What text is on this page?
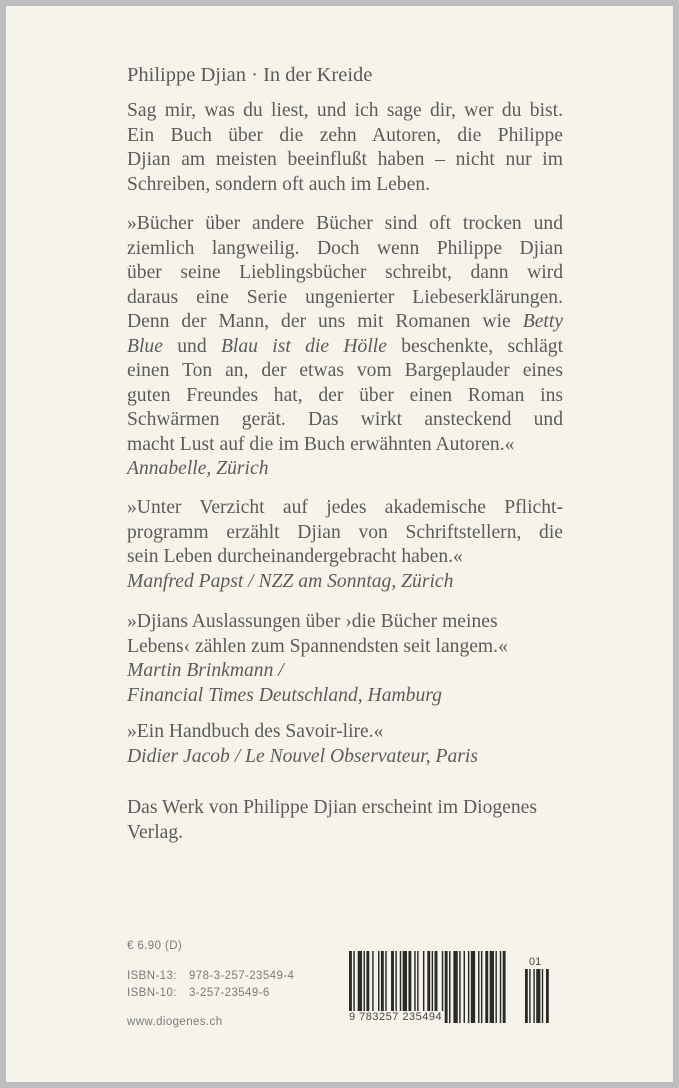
Philippe Djian · In der Kreide
Sag mir, was du liest, und ich sage dir, wer du bist.
Ein Buch über die zehn Autoren, die Philippe
Djian am meisten beeinflußt haben – nicht nur im
Schreiben, sondern oft auch im Leben.
»Bücher über andere Bücher sind oft trocken und
ziemlich langweilig. Doch wenn Philippe Djian
über seine Lieblingsbücher schreibt, dann wird
daraus eine Serie ungenierter Liebeserklärungen.
Denn der Mann, der uns mit Romanen wie Betty
Blue und Blau ist die Hölle beschenkte, schlägt
einen Ton an, der etwas vom Bargeplauder eines
guten Freundes hat, der über einen Roman ins
Schwärmen gerät. Das wirkt ansteckend und
macht Lust auf die im Buch erwähnten Autoren.«
Annabelle, Zürich
»Unter Verzicht auf jedes akademische Pflicht-
programm erzählt Djian von Schriftstellern, die
sein Leben durcheinandergebracht haben.«
Manfred Papst / NZZ am Sonntag, Zürich
»Djians Auslassungen über ›die Bücher meines
Lebens‹ zählen zum Spannendsten seit langem.«
Martin Brinkmann /
Financial Times Deutschland, Hamburg
»Ein Handbuch des Savoir-lire.«
Didier Jacob / Le Nouvel Observateur, Paris
Das Werk von Philippe Djian erscheint im Diogenes
Verlag.
€ 6.90 (D)
ISBN-13: 978-3-257-23549-4
ISBN-10: 3-257-23549-6
www.diogenes.ch	9 783257 235494
01
